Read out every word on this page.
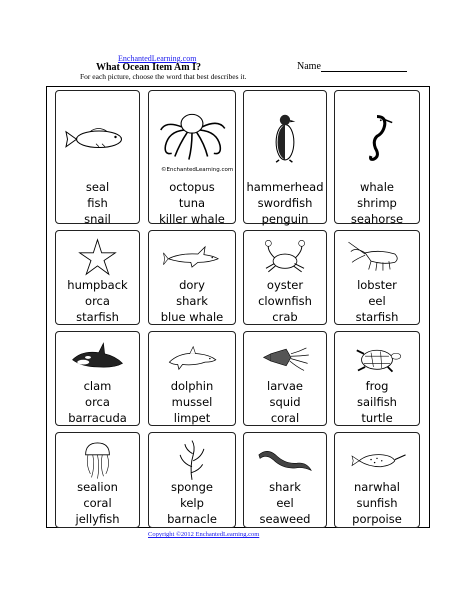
EnchantedLearning.com
What Ocean Item Am I?	Name
For each picture, choose the word that best describes it.
Copyright ©2012 EnchantedLearning.com
seal
fish
snail
©EnchantedLearning.com
octopus
tuna
killer whale
hammerhead
swordfish
penguin
whale
shrimp
seahorse
humpback
orca
starfish
dory
shark
blue whale
oyster
clownfish
crab
lobster
eel
starfish
clam
orca
barracuda
dolphin
mussel
limpet
larvae
squid
coral
frog
sailfish
turtle
sealion
coral
jellyfish
sponge
kelp
barnacle
shark
eel
seaweed
narwhal
sunfish
porpoise
